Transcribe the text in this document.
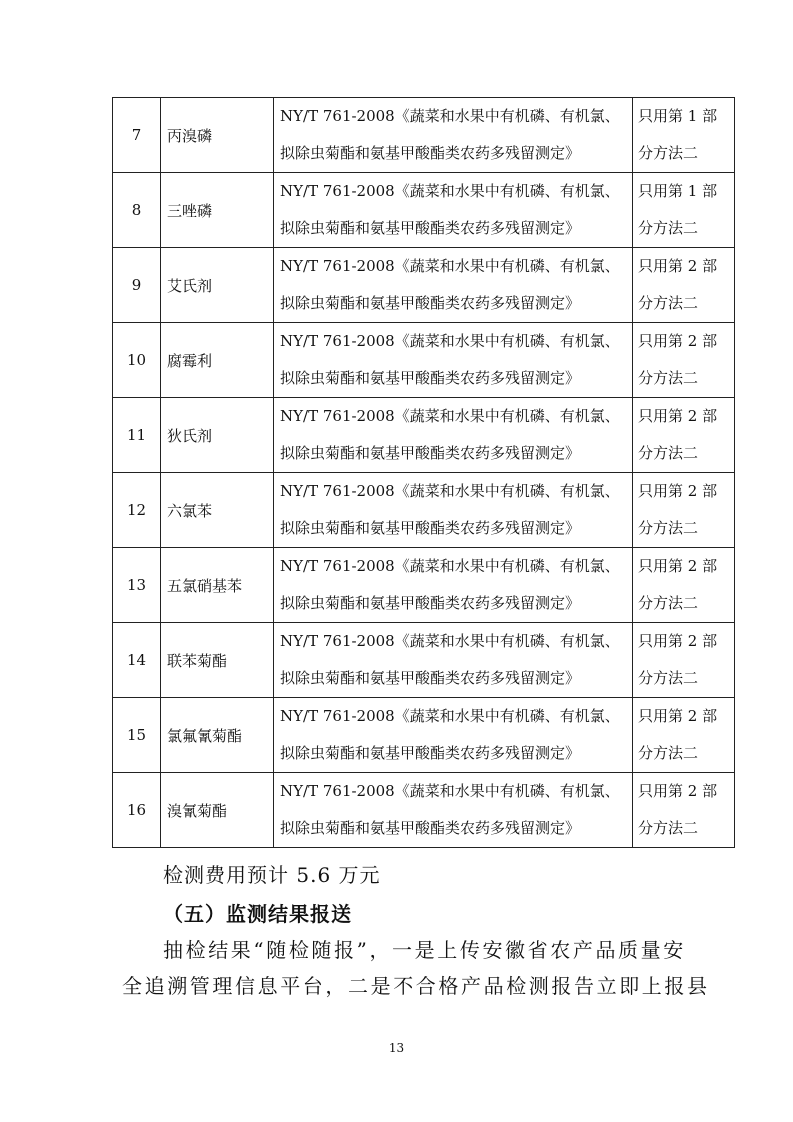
7	丙溴磷	NY/T 761-2008《蔬菜和水果中有机磷、有机氯、
拟除虫菊酯和氨基甲酸酯类农药多残留测定》	只用第 1 部
分方法二

8	三唑磷	NY/T 761-2008《蔬菜和水果中有机磷、有机氯、
拟除虫菊酯和氨基甲酸酯类农药多残留测定》	只用第 1 部
分方法二

9	艾氏剂	NY/T 761-2008《蔬菜和水果中有机磷、有机氯、
拟除虫菊酯和氨基甲酸酯类农药多残留测定》	只用第 2 部
分方法二

10	腐霉利	NY/T 761-2008《蔬菜和水果中有机磷、有机氯、
拟除虫菊酯和氨基甲酸酯类农药多残留测定》	只用第 2 部
分方法二

11	狄氏剂	NY/T 761-2008《蔬菜和水果中有机磷、有机氯、
拟除虫菊酯和氨基甲酸酯类农药多残留测定》	只用第 2 部
分方法二

12	六氯苯	NY/T 761-2008《蔬菜和水果中有机磷、有机氯、
拟除虫菊酯和氨基甲酸酯类农药多残留测定》	只用第 2 部
分方法二

13	五氯硝基苯	NY/T 761-2008《蔬菜和水果中有机磷、有机氯、
拟除虫菊酯和氨基甲酸酯类农药多残留测定》	只用第 2 部
分方法二

14	联苯菊酯	NY/T 761-2008《蔬菜和水果中有机磷、有机氯、
拟除虫菊酯和氨基甲酸酯类农药多残留测定》	只用第 2 部
分方法二

15	氯氟氰菊酯	NY/T 761-2008《蔬菜和水果中有机磷、有机氯、
拟除虫菊酯和氨基甲酸酯类农药多残留测定》	只用第 2 部
分方法二

16	溴氰菊酯	NY/T 761-2008《蔬菜和水果中有机磷、有机氯、
拟除虫菊酯和氨基甲酸酯类农药多残留测定》	只用第 2 部
分方法二
检测费用预计 5.6 万元
（五）监测结果报送
抽检结果“随检随报”，一是上传安徽省农产品质量安
全追溯管理信息平台，二是不合格产品检测报告立即上报县
13
